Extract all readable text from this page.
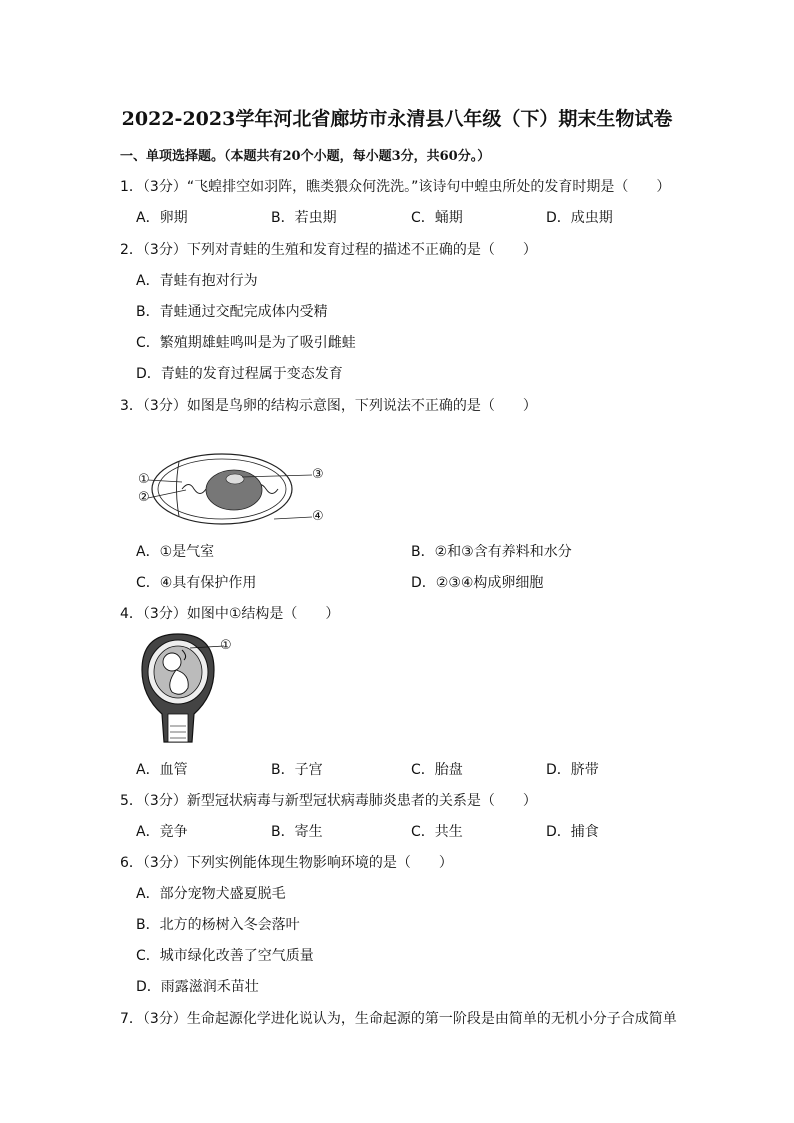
2022-2023学年河北省廊坊市永清县八年级（下）期末生物试卷
一、单项选择题。（本题共有20个小题，每小题3分，共60分。）
1．（3分）“飞蝗排空如羽阵，瞧类猥众何洗洗。”该诗句中蝗虫所处的发育时期是（　　）
A．卵期	B．若虫期	C．蛹期	D．成虫期
2．（3分）下列对青蛙的生殖和发育过程的描述不正确的是（　　）
A．青蛙有抱对行为
B．青蛙通过交配完成体内受精
C．繁殖期雄蛙鸣叫是为了吸引雌蛙
D．青蛙的发育过程属于变态发育
3．（3分）如图是鸟卵的结构示意图，下列说法不正确的是（　　）
①
②
③
④
A．①是气室	B．②和③含有养料和水分
C．④具有保护作用	D．②③④构成卵细胞
4．（3分）如图中①结构是（　　）
①
A．血管	B．子宫	C．胎盘	D．脐带
5．（3分）新型冠状病毒与新型冠状病毒肺炎患者的关系是（　　）
A．竞争	B．寄生	C．共生	D．捕食
6．（3分）下列实例能体现生物影响环境的是（　　）
A．部分宠物犬盛夏脱毛
B．北方的杨树入冬会落叶
C．城市绿化改善了空气质量
D．雨露滋润禾苗壮
7．（3分）生命起源化学进化说认为，生命起源的第一阶段是由简单的无机小分子合成简单
